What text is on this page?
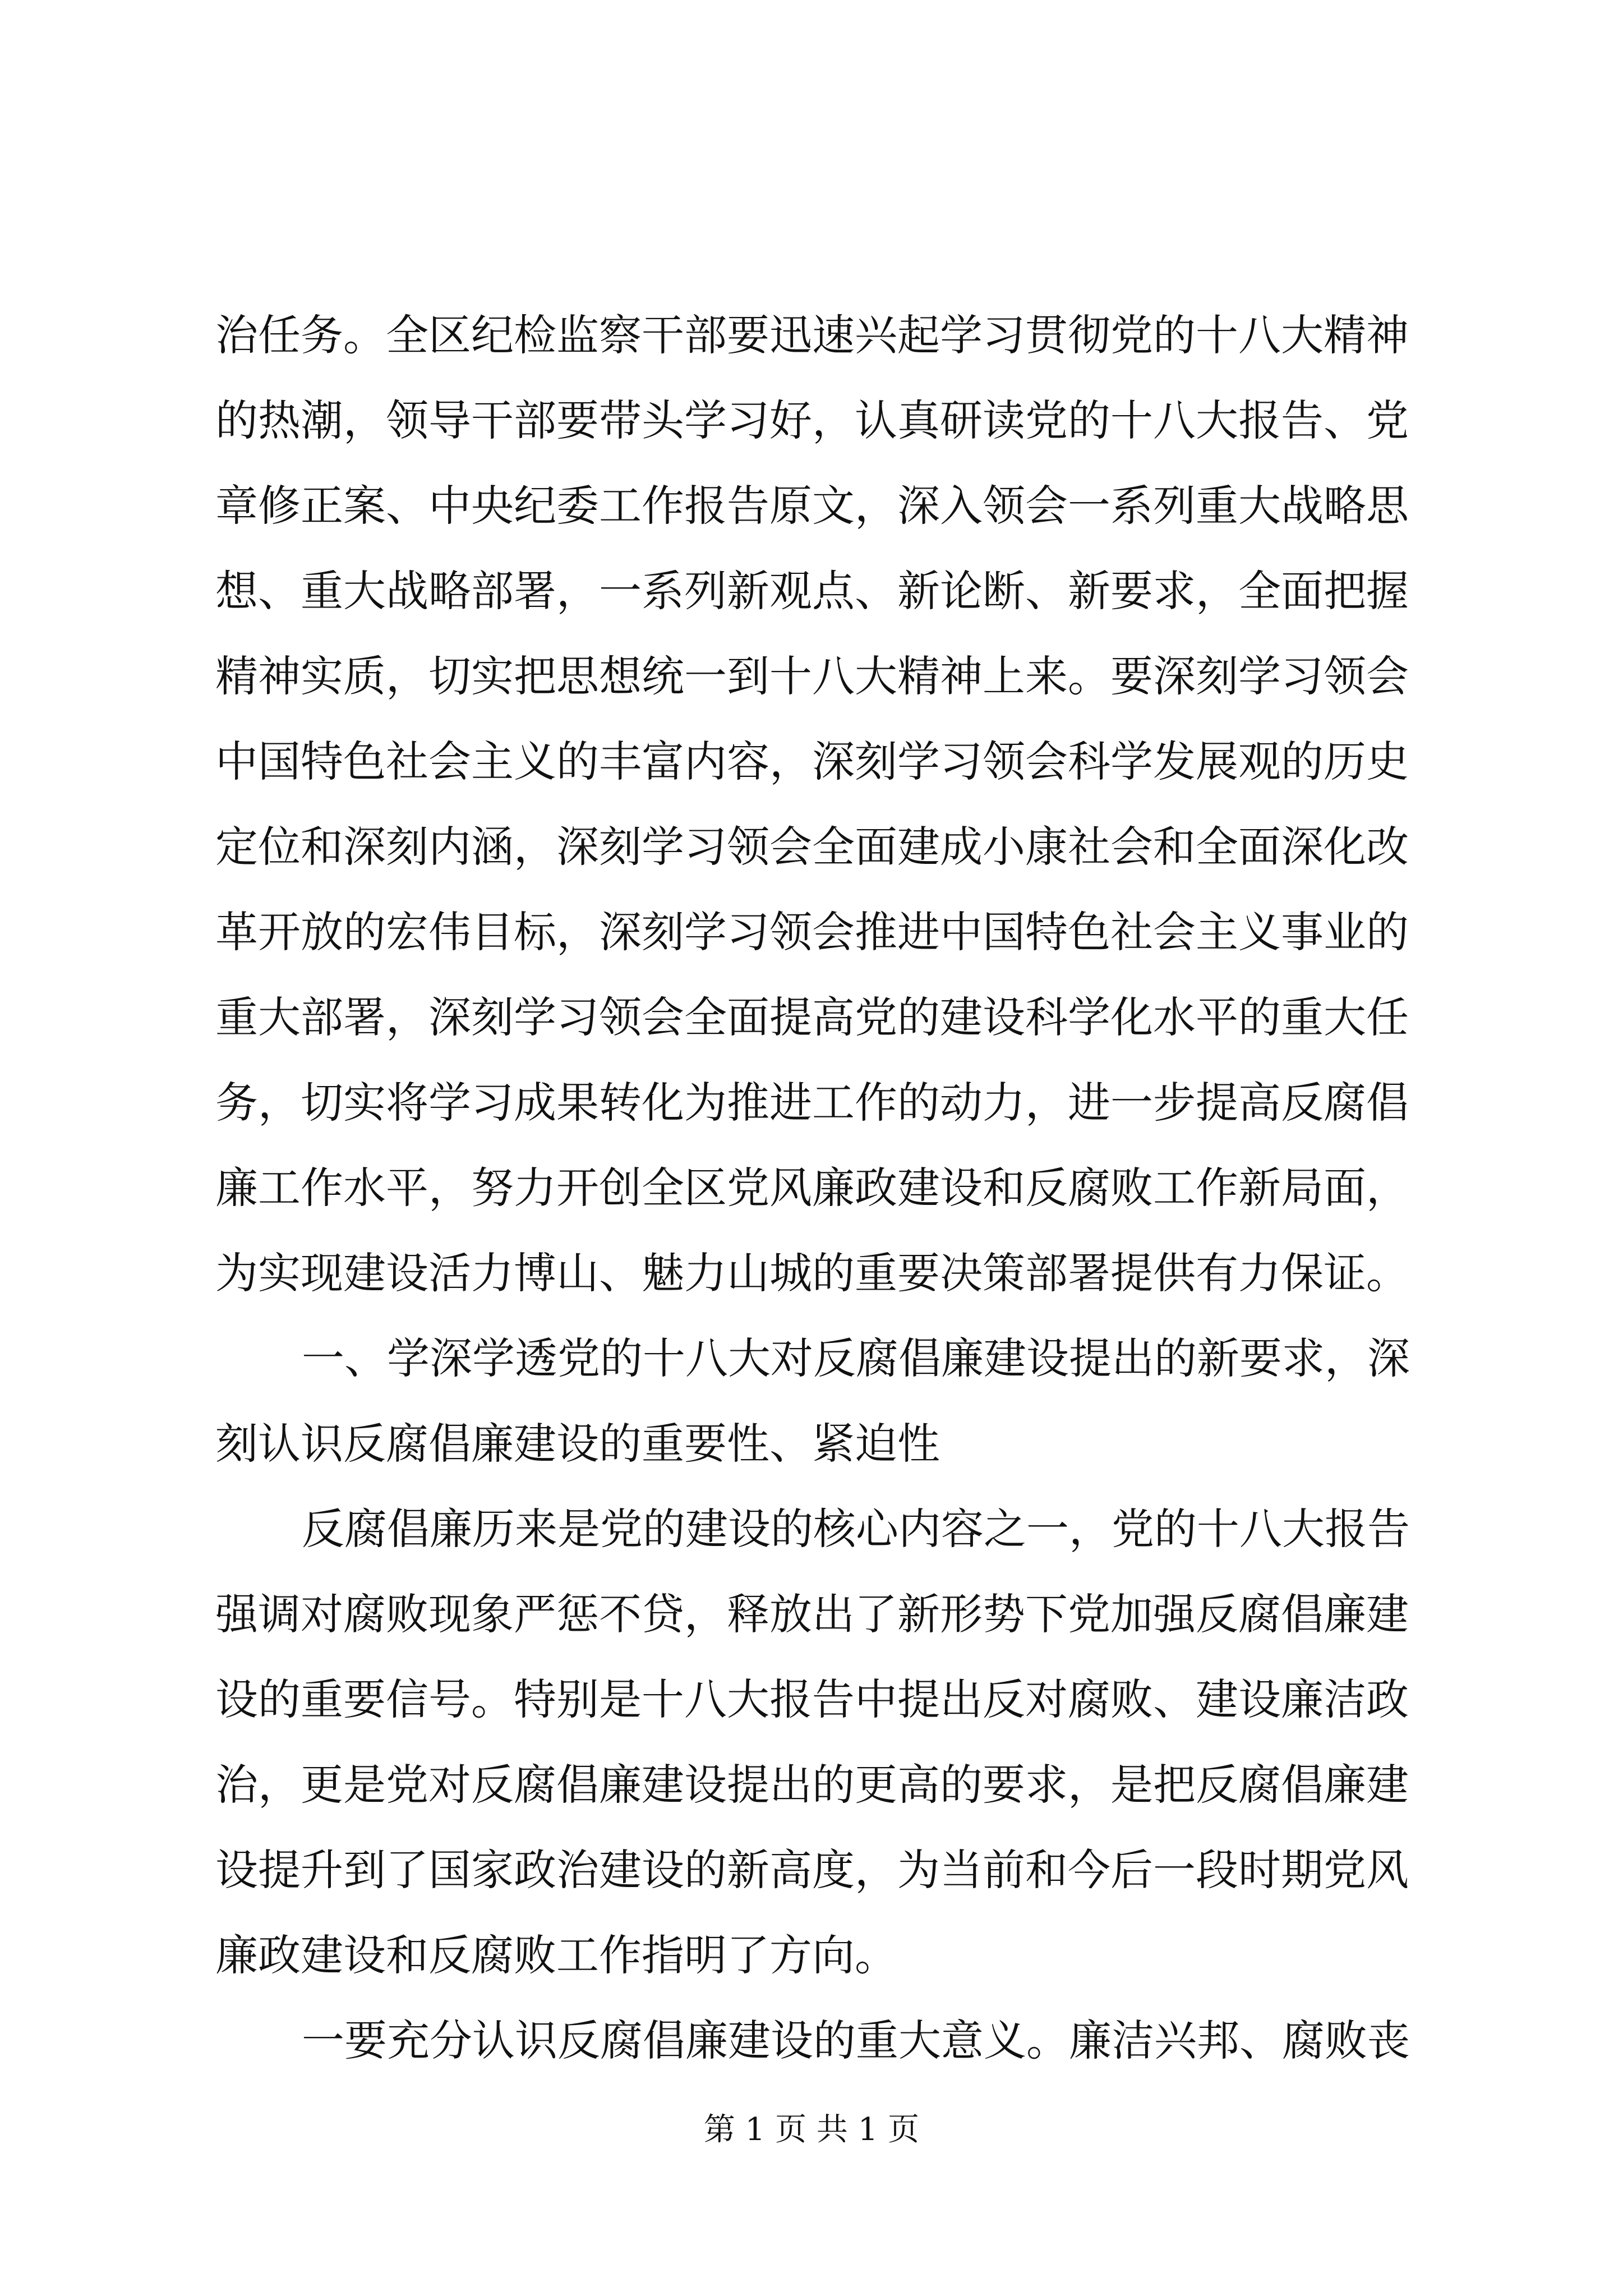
治任务。全区纪检监察干部要迅速兴起学习贯彻党的十八大精神
的热潮，领导干部要带头学习好，认真研读党的十八大报告、党
章修正案、中央纪委工作报告原文，深入领会一系列重大战略思
想、重大战略部署，一系列新观点、新论断、新要求，全面把握
精神实质，切实把思想统一到十八大精神上来。要深刻学习领会
中国特色社会主义的丰富内容，深刻学习领会科学发展观的历史
定位和深刻内涵，深刻学习领会全面建成小康社会和全面深化改
革开放的宏伟目标，深刻学习领会推进中国特色社会主义事业的
重大部署，深刻学习领会全面提高党的建设科学化水平的重大任
务，切实将学习成果转化为推进工作的动力，进一步提高反腐倡
廉工作水平，努力开创全区党风廉政建设和反腐败工作新局面，
为实现建设活力博山、魅力山城的重要决策部署提供有力保证。
一、学深学透党的十八大对反腐倡廉建设提出的新要求，深
刻认识反腐倡廉建设的重要性、紧迫性
反腐倡廉历来是党的建设的核心内容之一，党的十八大报告
强调对腐败现象严惩不贷，释放出了新形势下党加强反腐倡廉建
设的重要信号。特别是十八大报告中提出反对腐败、建设廉洁政
治，更是党对反腐倡廉建设提出的更高的要求，是把反腐倡廉建
设提升到了国家政治建设的新高度，为当前和今后一段时期党风
廉政建设和反腐败工作指明了方向。
一要充分认识反腐倡廉建设的重大意义。廉洁兴邦、腐败丧
第 1 页 共 1 页
